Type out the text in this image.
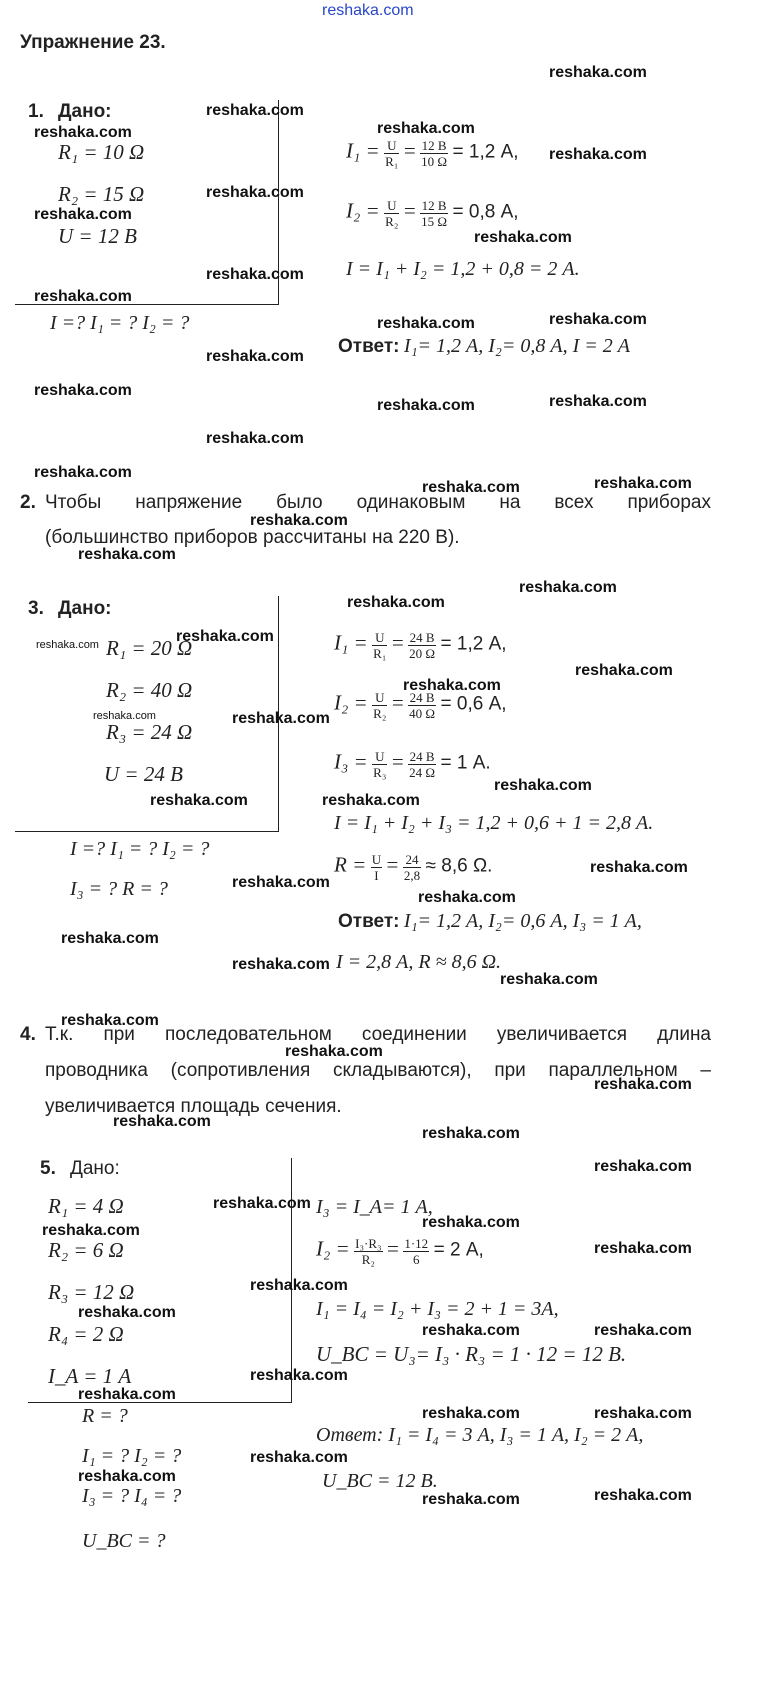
reshaka.com
Упражнение 23.
1. Дано:
R₁ = 10 Ω
R₂ = 15 Ω
U = 12 В
I =? I₁ = ? I₂ = ?
$I_1 = \frac{U}{\text{R₁}} = \frac{12 В}{10 \Omega} = 1,2$ А,
$I_2 = \frac{U}{\text{R₂}} = \frac{12 В}{15 \Omega} = 0,8$ А,
I = I₁ + I₂ = 1,2 + 0,8 = 2 А.
Ответ: I₁= 1,2 А, I₂= 0,8 А, I = 2 А
2. Чтобы напряжение было одинаковым на всех приборах
(большинство приборов рассчитаны на 220 В).
3. Дано:
R₁ = 20 Ω
R₂ = 40 Ω
R₃ = 24 Ω
U = 24 В
I =? I₁ = ? I₂ = ?
I₃ = ? R = ?
$I_1 = \frac{U}{\text{R₁}} = \frac{24 В}{20 \Omega} = 1,2$ А,
$I_2 = \frac{U}{\text{R₂}} = \frac{24 В}{40 \Omega} = 0,6$ А,
$I_3 = \frac{U}{\text{R₃}} = \frac{24 В}{24 \Omega} = 1$ А.
I = I₁ + I₂ + I₃ = 1,2 + 0,6 + 1 = 2,8 А.
$R = \frac{U}{I} = \frac{24}{2,8} \approx 8,6$ Ω.
Ответ: I₁= 1,2 А, I₂= 0,6 А, I₃ = 1 А,
I = 2,8 А, R ≈ 8,6 Ω.
4. Т.к. при последовательном соединении увеличивается длина
проводника (сопротивления складываются), при параллельном –
увеличивается площадь сечения.
5. Дано:
R₁ = 4 Ω
R₂ = 6 Ω
R₃ = 12 Ω
R₄ = 2 Ω
I_A = 1 А
R = ?
I₁ = ? I₂ = ?
I₃ = ? I₄ = ?
U_BC = ?
I₃ = I_A= 1 А,
$I_2 = \frac{\text{I₃·R₃}}{\text{R₂}} = \frac{1\cdot 12}{6} = 2$ А,
I₁ = I₄ = I₂ + I₃ = 2 + 1 = 3А,
U_BC = U₃= I₃ · R₃ = 1 · 12 = 12 В.
Ответ: I₁ = I₄ = 3 А, I₃ = 1 А, I₂ = 2 А,
U_BC = 12 В.
reshaka.com
reshaka.com
reshaka.com	reshaka.com
reshaka.com
reshaka.com
reshaka.com
reshaka.com
reshaka.com
reshaka.com
reshaka.com
reshaka.com
reshaka.com
reshaka.com
reshaka.com
reshaka.com
reshaka.com
reshaka.com
reshaka.com
reshaka.com
reshaka.com
reshaka.com
reshaka.com
reshaka.com
reshaka.com	reshaka.com
reshaka.com
reshaka.com
reshaka.com	reshaka.com
reshaka.com
reshaka.com	reshaka.com
reshaka.com
reshaka.com
reshaka.com
reshaka.com
reshaka.com
reshaka.com
reshaka.com
reshaka.com
reshaka.com
reshaka.com
reshaka.com
reshaka.com
reshaka.com
reshaka.com	reshaka.com
reshaka.com
reshaka.com
reshaka.com
reshaka.com	reshaka.com
reshaka.com
reshaka.com
reshaka.com	reshaka.com
reshaka.com
reshaka.com
reshaka.com	reshaka.com
